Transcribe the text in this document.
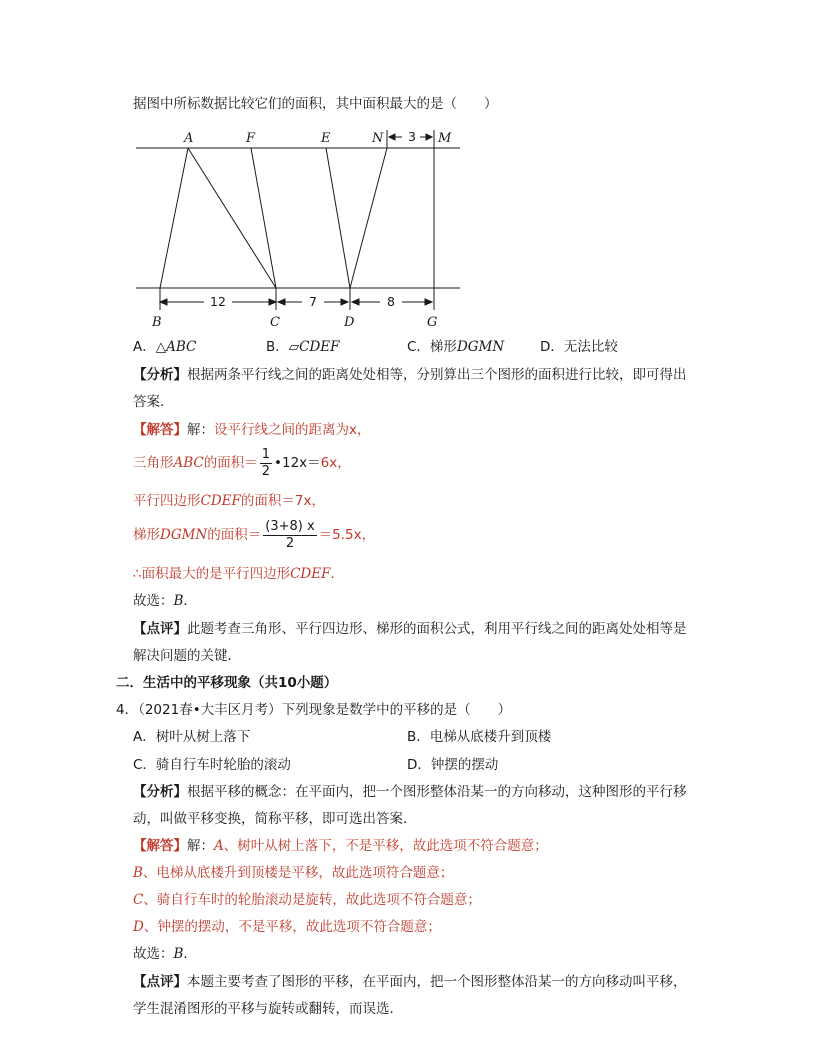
据图中所标数据比较它们的面积，其中面积最大的是（　　）
A	F	E	N	M
B	C	D	G
12	7	8
3
A．△ABC	B．▱CDEF	C．梯形DGMN	D．无法比较
【分析】根据两条平行线之间的距离处处相等，分别算出三个图形的面积进行比较，即可得出
答案．
【解答】解：设平行线之间的距离为x，
三角形ABC的面积＝ $\frac{1}{2}$ •12x＝6x，
平行四边形CDEF的面积＝7x，
梯形DGMN的面积＝ $\frac{(3+8) x}{2} =5.5x$，
∴面积最大的是平行四边形CDEF．
故选：B．
【点评】此题考查三角形、平行四边形、梯形的面积公式，利用平行线之间的距离处处相等是
解决问题的关键．
二．生活中的平移现象（共10小题）
4．（2021春•大丰区月考）下列现象是数学中的平移的是（　　）
A．树叶从树上落下	B．电梯从底楼升到顶楼
C．骑自行车时轮胎的滚动	D．钟摆的摆动
【分析】根据平移的概念：在平面内，把一个图形整体沿某一的方向移动，这种图形的平行移
动，叫做平移变换，简称平移，即可选出答案．
【解答】解：A、树叶从树上落下，不是平移，故此选项不符合题意；
B、电梯从底楼升到顶楼是平移，故此选项符合题意；
C、骑自行车时的轮胎滚动是旋转，故此选项不符合题意；
D、钟摆的摆动，不是平移，故此选项不符合题意；
故选：B．
【点评】本题主要考查了图形的平移，在平面内，把一个图形整体沿某一的方向移动叫平移，
学生混淆图形的平移与旋转或翻转，而误选．
